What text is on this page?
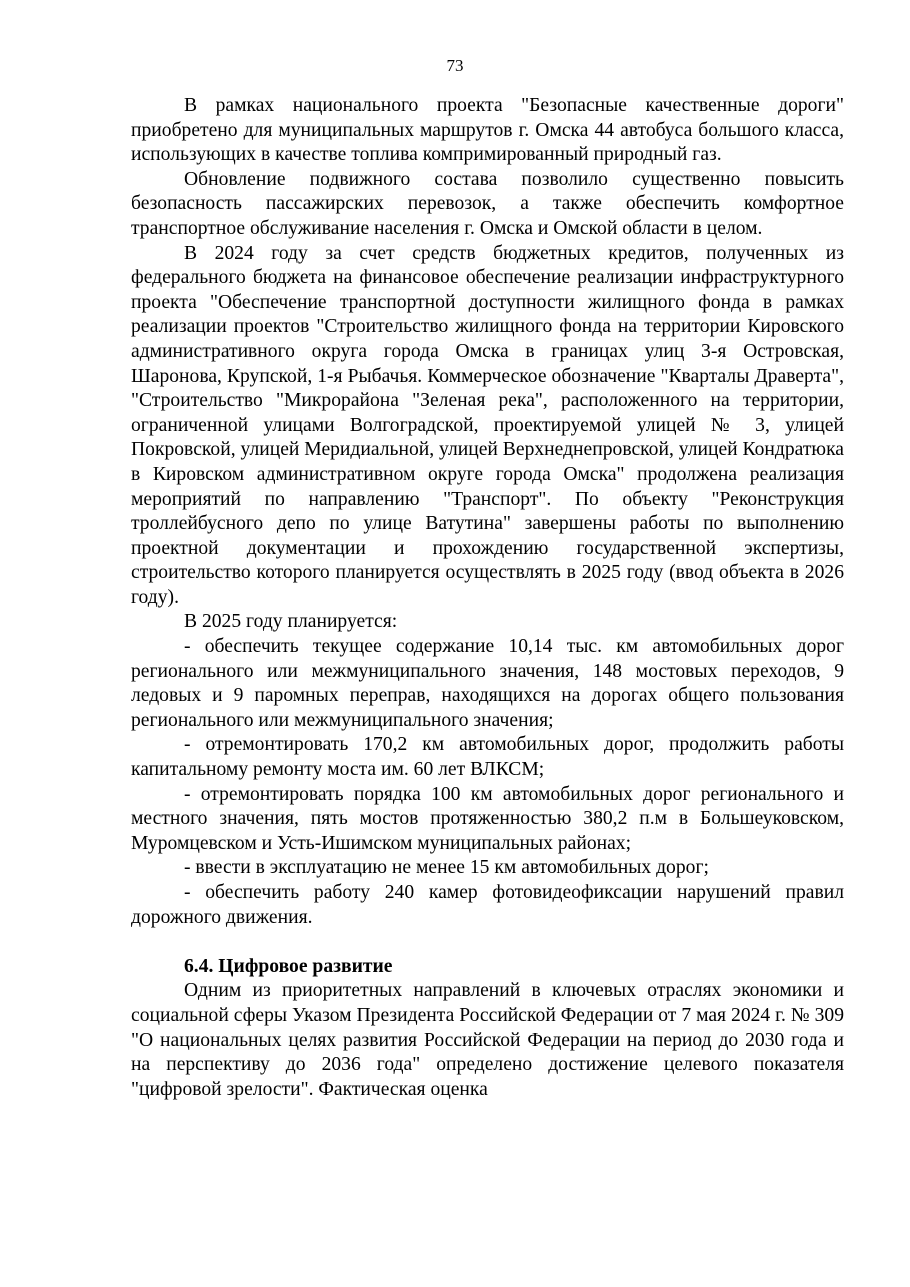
73

В рамках национального проекта "Безопасные качественные дороги" приобретено для муниципальных маршрутов г. Омска 44 автобуса большого класса, использующих в качестве топлива компримированный природный газ.

Обновление подвижного состава позволило существенно повысить безопасность пассажирских перевозок, а также обеспечить комфортное транспортное обслуживание населения г. Омска и Омской области в целом.

В 2024 году за счет средств бюджетных кредитов, полученных из федерального бюджета на финансовое обеспечение реализации инфраструктурного проекта "Обеспечение транспортной доступности жилищного фонда в рамках реализации проектов "Строительство жилищного фонда на территории Кировского административного округа города Омска в границах улиц 3-я Островская, Шаронова, Крупской, 1-я Рыбачья. Коммерческое обозначение "Кварталы Драверта", "Строительство "Микрорайона "Зеленая река", расположенного на территории, ограниченной улицами Волгоградской, проектируемой улицей № 3, улицей Покровской, улицей Меридиальной, улицей Верхнеднепровской, улицей Кондратюка в Кировском административном округе города Омска" продолжена реализация мероприятий по направлению "Транспорт". По объекту "Реконструкция троллейбусного депо по улице Ватутина" завершены работы по выполнению проектной документации и прохождению государственной экспертизы, строительство которого планируется осуществлять в 2025 году (ввод объекта в 2026 году).

В 2025 году планируется:

- обеспечить текущее содержание 10,14 тыс. км автомобильных дорог регионального или межмуниципального значения, 148 мостовых переходов, 9 ледовых и 9 паромных переправ, находящихся на дорогах общего пользования регионального или межмуниципального значения;

- отремонтировать 170,2 км автомобильных дорог, продолжить работы капитальному ремонту моста им. 60 лет ВЛКСМ;

- отремонтировать порядка 100 км автомобильных дорог регионального и местного значения, пять мостов протяженностью 380,2 п.м в Большеуковском, Муромцевском и Усть-Ишимском муниципальных районах;

- ввести в эксплуатацию не менее 15 км автомобильных дорог;

- обеспечить работу 240 камер фотовидеофиксации нарушений правил дорожного движения.

6.4. Цифровое развитие

Одним из приоритетных направлений в ключевых отраслях экономики и социальной сферы Указом Президента Российской Федерации от 7 мая 2024 г. № 309 "О национальных целях развития Российской Федерации на период до 2030 года и на перспективу до 2036 года" определено достижение целевого показателя "цифровой зрелости". Фактическая оценка
